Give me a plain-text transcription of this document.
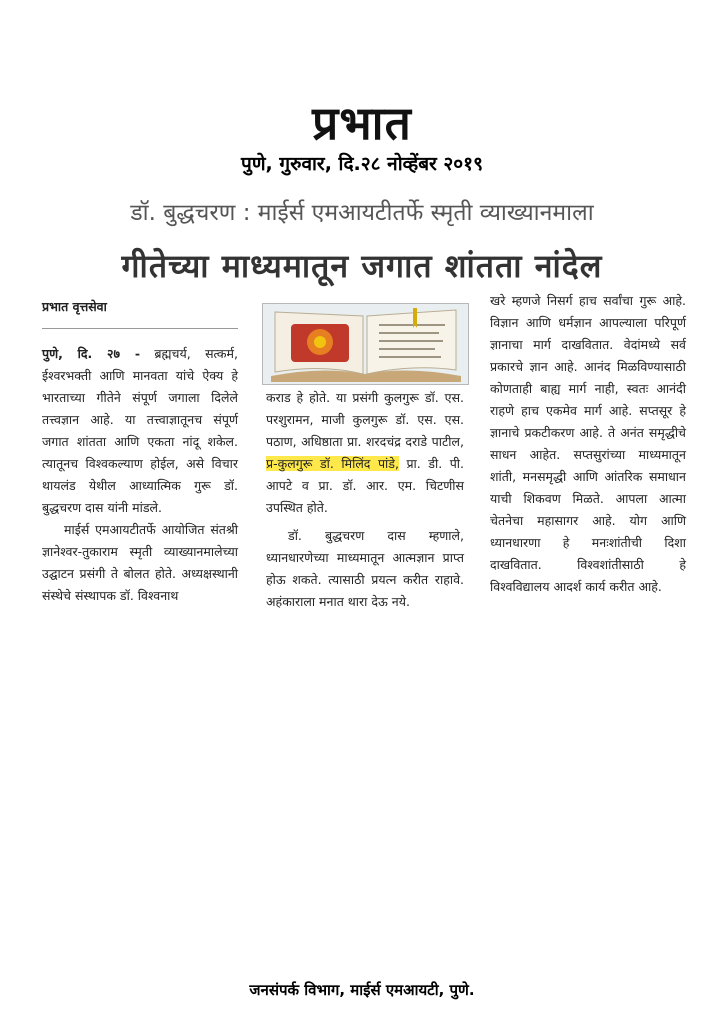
प्रभात
पुणे, गुरुवार, दि.२८ नोव्हेंबर २०१९
डॉ. बुद्धचरण : माईर्स एमआयटीतर्फे स्मृती व्याख्यानमाला
गीतेच्या माध्यमातून जगात शांतता नांदेल
प्रभात वृत्तसेवा

पुणे, दि. २७ - ब्रह्मचर्य, सत्कर्म, ईश्वरभक्ती आणि मानवता यांचे ऐक्य हे भारताच्या गीतेने संपूर्ण जगाला दिलेले तत्त्वज्ञान आहे. या तत्त्वाज्ञातूनच संपूर्ण जगात शांतता आणि एकता नांदू शकेल. त्यातूनच विश्वकल्याण होईल, असे विचार थायलंड येथील आध्यात्मिक गुरू डॉ. बुद्धचरण दास यांनी मांडले.

माईर्स एमआयटीतर्फे आयोजित संतश्री ज्ञानेश्वर-तुकाराम स्मृती व्याख्यानमालेच्या उद्घाटन प्रसंगी ते बोलत होते. अध्यक्षस्थानी संस्थेचे संस्थापक डॉ. विश्वनाथ

कराड हे होते. या प्रसंगी कुलगुरू डॉ. एस. परशुरामन, माजी कुलगुरू डॉ. एस. एस. पठाण, अधिष्ठाता प्रा. शरदचंद्र दराडे पाटील, प्र-कुलगुरू डॉ. मिलिंद पांडे, प्रा. डी. पी. आपटे व प्रा. डॉ. आर. एम. चिटणीस उपस्थित होते.

डॉ. बुद्धचरण दास म्हणाले, ध्यानधारणेच्या माध्यमातून आत्मज्ञान प्राप्त होऊ शकते. त्यासाठी प्रयत्न करीत राहावे. अहंकाराला मनात थारा देऊ नये.

खरे म्हणजे निसर्ग हाच सर्वांचा गुरू आहे. विज्ञान आणि धर्मज्ञान आपल्याला परिपूर्ण ज्ञानाचा मार्ग दाखवितात. वेदांमध्ये सर्व प्रकारचे ज्ञान आहे. आनंद मिळविण्यासाठी कोणताही बाह्य मार्ग नाही, स्वतः आनंदी राहणे हाच एकमेव मार्ग आहे. सप्तसूर हे ज्ञानाचे प्रकटीकरण आहे. ते अनंत समृद्धीचे साधन आहेत. सप्तसुरांच्या माध्यमातून शांती, मनसमृद्धी आणि आंतरिक समाधान याची शिकवण मिळते. आपला आत्मा चेतनेचा महासागर आहे. योग आणि ध्यानधारणा हे मनःशांतीची दिशा दाखवितात. विश्वशांतीसाठी हे विश्वविद्यालय आदर्श कार्य करीत आहे.

जनसंपर्क विभाग, माईर्स एमआयटी, पुणे.
